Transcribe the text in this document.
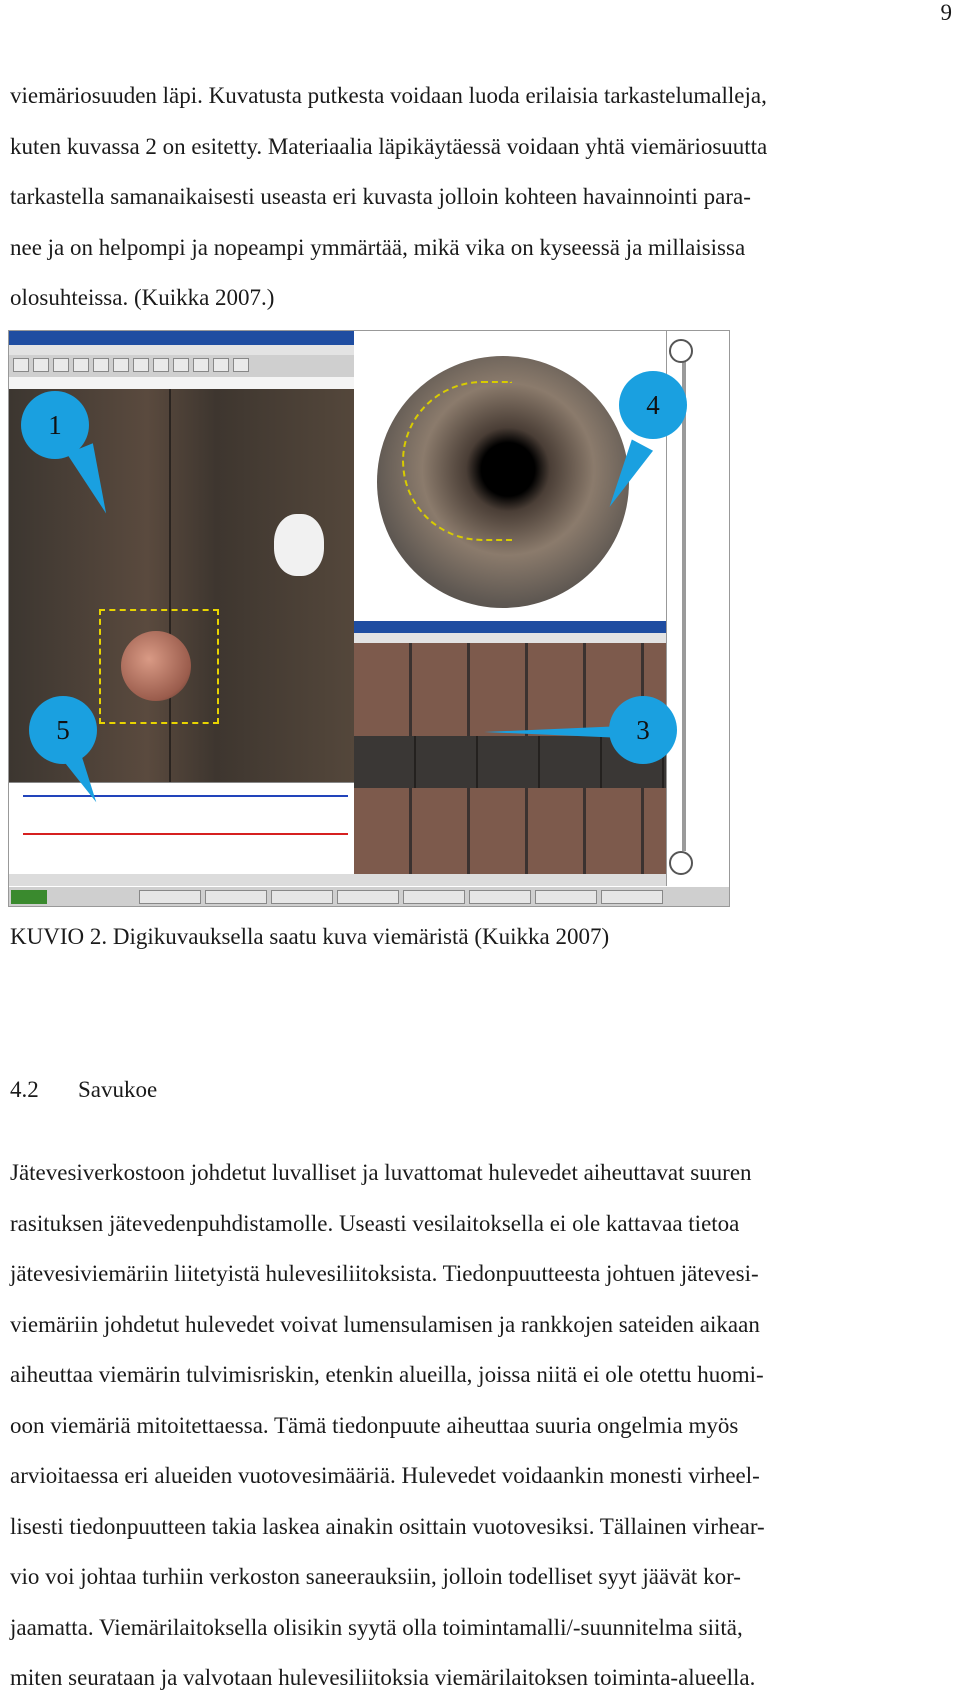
9
viemäriosuuden läpi. Kuvatusta putkesta voidaan luoda erilaisia tarkastelumalleja,
kuten kuvassa 2 on esitetty. Materiaalia läpikäytäessä voidaan yhtä viemäriosuutta
tarkastella samanaikaisesti useasta eri kuvasta jolloin kohteen havainnointi para-
nee ja on helpompi ja nopeampi ymmärtää, mikä vika on kyseessä ja millaisissa
olosuhteissa. (Kuikka 2007.)
1
4
3
5
KUVIO 2. Digikuvauksella saatu kuva viemäristä (Kuikka 2007)
4.2 Savukoe
Jätevesiverkostoon johdetut luvalliset ja luvattomat hulevedet aiheuttavat suuren
rasituksen jätevedenpuhdistamolle. Useasti vesilaitoksella ei ole kattavaa tietoa
jätevesiviemäriin liitetyistä hulevesiliitoksista. Tiedonpuutteesta johtuen jätevesi-
viemäriin johdetut hulevedet voivat lumensulamisen ja rankkojen sateiden aikaan
aiheuttaa viemärin tulvimisriskin, etenkin alueilla, joissa niitä ei ole otettu huomi-
oon viemäriä mitoitettaessa. Tämä tiedonpuute aiheuttaa suuria ongelmia myös
arvioitaessa eri alueiden vuotovesimääriä. Hulevedet voidaankin monesti virheel-
lisesti tiedonpuutteen takia laskea ainakin osittain vuotovesiksi. Tällainen virhear-
vio voi johtaa turhiin verkoston saneerauksiin, jolloin todelliset syyt jäävät kor-
jaamatta. Viemärilaitoksella olisikin syytä olla toimintamalli/-suunnitelma siitä,
miten seurataan ja valvotaan hulevesiliitoksia viemärilaitoksen toiminta-alueella.
